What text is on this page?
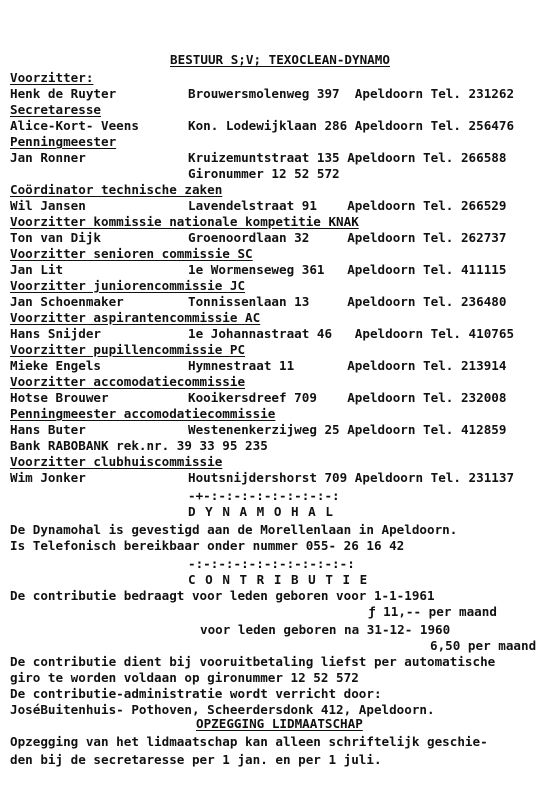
BESTUUR S;V; TEXOCLEAN-DYNAMO
Voorzitter:
Henk de Ruyter	Brouwersmolenweg 397  Apeldoorn Tel. 231262
Secretaresse
Alice-Kort- Veens	Kon. Lodewijklaan 286 Apeldoorn Tel. 256476
Penningmeester
Jan Ronner	Kruizemuntstraat 135 Apeldoorn Tel. 266588
Gironummer 12 52 572
Coördinator technische zaken
Wil Jansen	Lavendelstraat 91    Apeldoorn Tel. 266529
Voorzitter kommissie nationale kompetitie KNAK
Ton van Dijk	Groenoordlaan 32     Apeldoorn Tel. 262737
Voorzitter senioren commissie SC
Jan Lit	1e Wormenseweg 361   Apeldoorn Tel. 411115
Voorzitter juniorencommissie JC
Jan Schoenmaker	Tonnissenlaan 13     Apeldoorn Tel. 236480
Voorzitter aspirantencommissie AC
Hans Snijder	1e Johannastraat 46   Apeldoorn Tel. 410765
Voorzitter pupillencommissie PC
Mieke Engels	Hymnestraat 11       Apeldoorn Tel. 213914
Voorzitter accomodatiecommissie
Hotse Brouwer	Kooikersdreef 709    Apeldoorn Tel. 232008
Penningmeester accomodatiecommissie
Hans Buter	Westenenkerzijweg 25 Apeldoorn Tel. 412859
Bank RABOBANK rek.nr. 39 33 95 235
Voorzitter clubhuiscommissie
Wim Jonker	Houtsnijdershorst 709 Apeldoorn Tel. 231137
-+-:-:-:-:-:-:-:-:-:
D Y N A M O H A L
De Dynamohal is gevestigd aan de Morellenlaan in Apeldoorn.
Is Telefonisch bereikbaar onder nummer 055- 26 16 42
-:-:-:-:-:-:-:-:-:-:-:
C O N T R I B U T I E
De contributie bedraagt voor leden geboren voor 1-1-1961
ƒ 11,-- per maand
voor leden geboren na 31-12- 1960
6,50 per maand
De contributie dient bij vooruitbetaling liefst per automatische
giro te worden voldaan op gironummer 12 52 572
De contributie-administratie wordt verricht door:
JoséBuitenhuis- Pothoven, Scheerdersdonk 412, Apeldoorn.
OPZEGGING LIDMAATSCHAP
Opzegging van het lidmaatschap kan alleen schriftelijk geschie-
den bij de secretaresse per 1 jan. en per 1 juli.
